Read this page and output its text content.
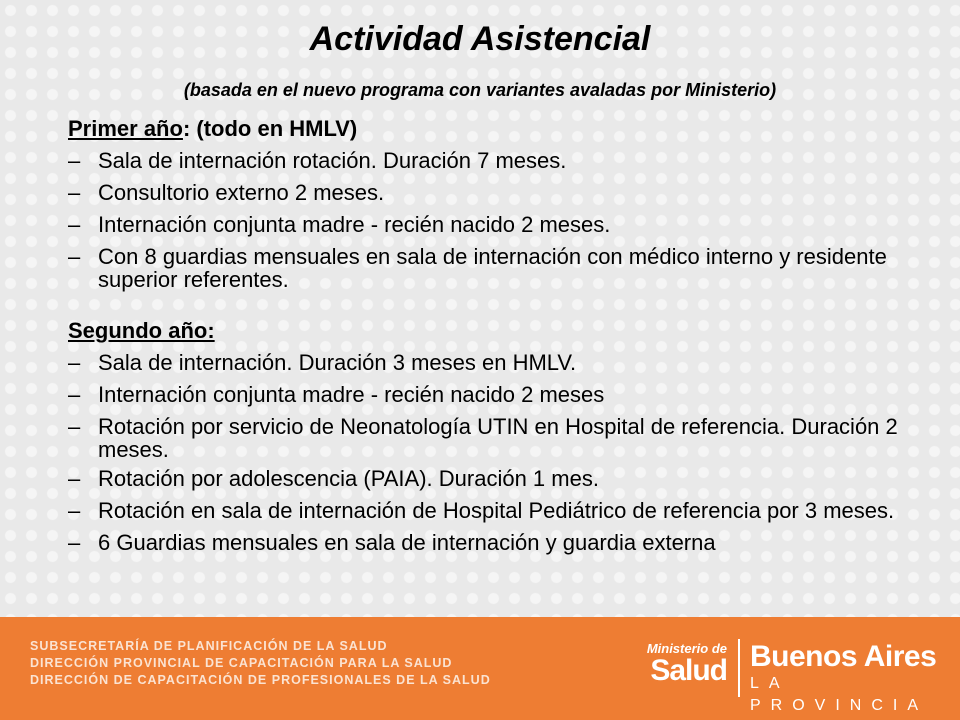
Actividad Asistencial

(basada en el nuevo programa con variantes avaladas por Ministerio)

Primer año: (todo en HMLV)
– Sala de internación rotación. Duración 7 meses.
– Consultorio externo 2 meses.
– Internación conjunta madre - recién nacido 2 meses.
– Con 8 guardias mensuales en sala de internación con médico interno y residente superior referentes.
Segundo año:
– Sala de internación. Duración 3 meses en HMLV.
– Internación conjunta madre - recién nacido 2 meses
– Rotación por servicio de Neonatología UTIN en Hospital de referencia. Duración 2 meses.
– Rotación por adolescencia (PAIA). Duración 1 mes.
– Rotación en sala de internación de Hospital Pediátrico de referencia por 3 meses.
– 6 Guardias mensuales en sala de internación y guardia externa
SUBSECRETARÍA DE PLANIFICACIÓN DE LA SALUD
DIRECCIÓN PROVINCIAL DE CAPACITACIÓN PARA LA SALUD
DIRECCIÓN DE CAPACITACIÓN DE PROFESIONALES DE LA SALUD
Ministerio de
Salud Buenos Aires
LA PROVINCIA
